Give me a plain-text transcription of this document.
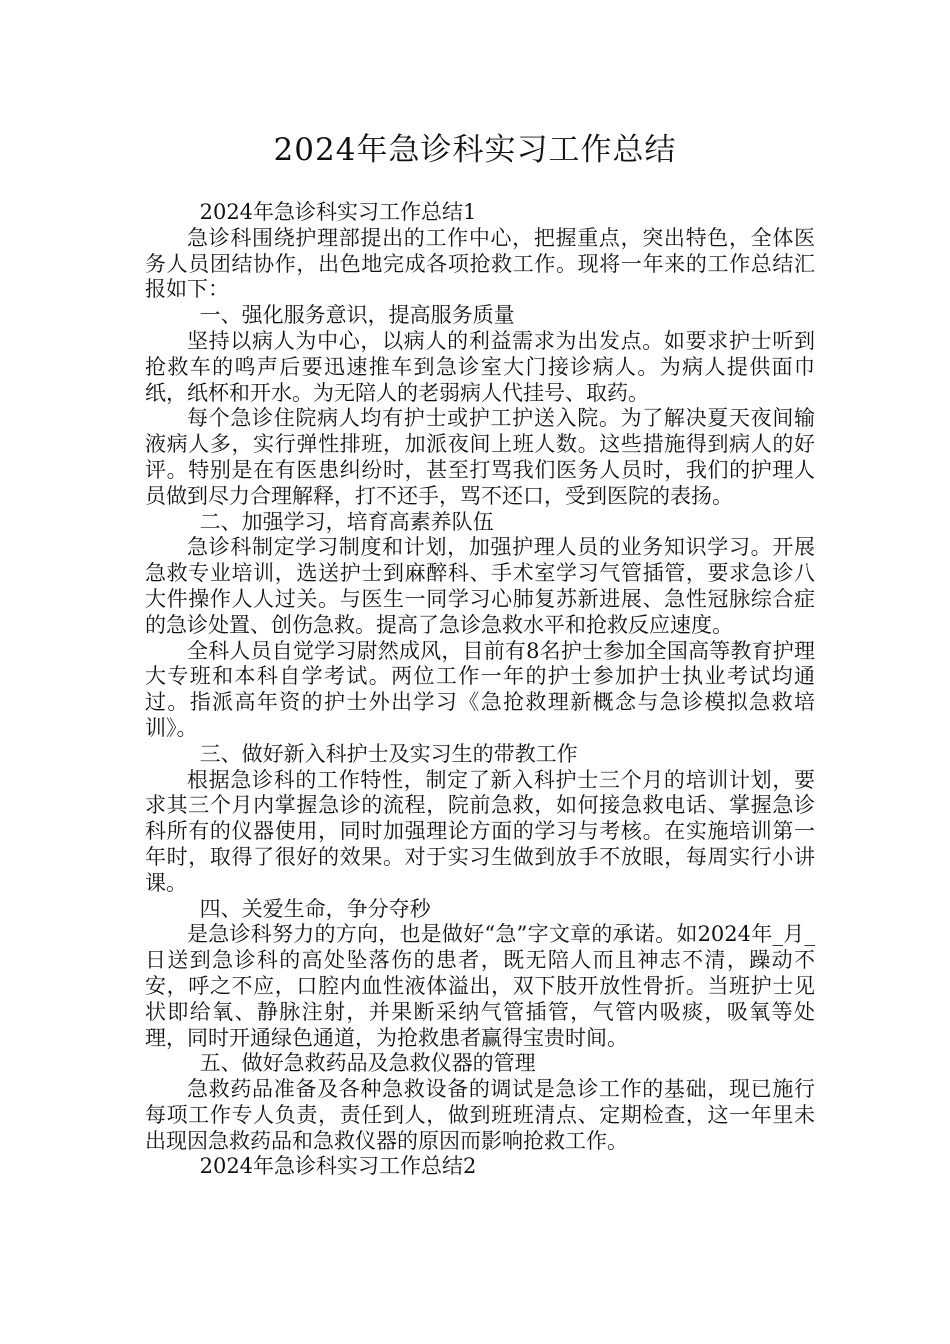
2024年急诊科实习工作总结

2024年急诊科实习工作总结1

急诊科围绕护理部提出的工作中心，把握重点，突出特色，全体医务人员团结协作，出色地完成各项抢救工作。现将一年来的工作总结汇报如下：

一、强化服务意识，提高服务质量

坚持以病人为中心，以病人的利益需求为出发点。如要求护士听到抢救车的鸣声后要迅速推车到急诊室大门接诊病人。为病人提供面巾纸，纸杯和开水。为无陪人的老弱病人代挂号、取药。

每个急诊住院病人均有护士或护工护送入院。为了解决夏天夜间输液病人多，实行弹性排班，加派夜间上班人数。这些措施得到病人的好评。特别是在有医患纠纷时，甚至打骂我们医务人员时，我们的护理人员做到尽力合理解释，打不还手，骂不还口，受到医院的表扬。

二、加强学习，培育高素养队伍

急诊科制定学习制度和计划，加强护理人员的业务知识学习。开展急救专业培训，选送护士到麻醉科、手术室学习气管插管，要求急诊八大件操作人人过关。与医生一同学习心肺复苏新进展、急性冠脉综合症的急诊处置、创伤急救。提高了急诊急救水平和抢救反应速度。

全科人员自觉学习尉然成风，目前有8名护士参加全国高等教育护理大专班和本科自学考试。两位工作一年的护士参加护士执业考试均通过。指派高年资的护士外出学习《急抢救理新概念与急诊模拟急救培训》。

三、做好新入科护士及实习生的带教工作

根据急诊科的工作特性，制定了新入科护士三个月的培训计划，要求其三个月内掌握急诊的流程，院前急救，如何接急救电话、掌握急诊科所有的仪器使用，同时加强理论方面的学习与考核。在实施培训第一年时，取得了很好的效果。对于实习生做到放手不放眼，每周实行小讲课。

四、关爱生命，争分夺秒

是急诊科努力的方向，也是做好“急”字文章的承诺。如2024年_月_日送到急诊科的高处坠落伤的患者，既无陪人而且神志不清，躁动不安，呼之不应，口腔内血性液体溢出，双下肢开放性骨折。当班护士见状即给氧、静脉注射，并果断采纳气管插管，气管内吸痰，吸氧等处理，同时开通绿色通道，为抢救患者赢得宝贵时间。

五、做好急救药品及急救仪器的管理

急救药品准备及各种急救设备的调试是急诊工作的基础，现已施行每项工作专人负责，责任到人，做到班班清点、定期检查，这一年里未出现因急救药品和急救仪器的原因而影响抢救工作。

2024年急诊科实习工作总结2
